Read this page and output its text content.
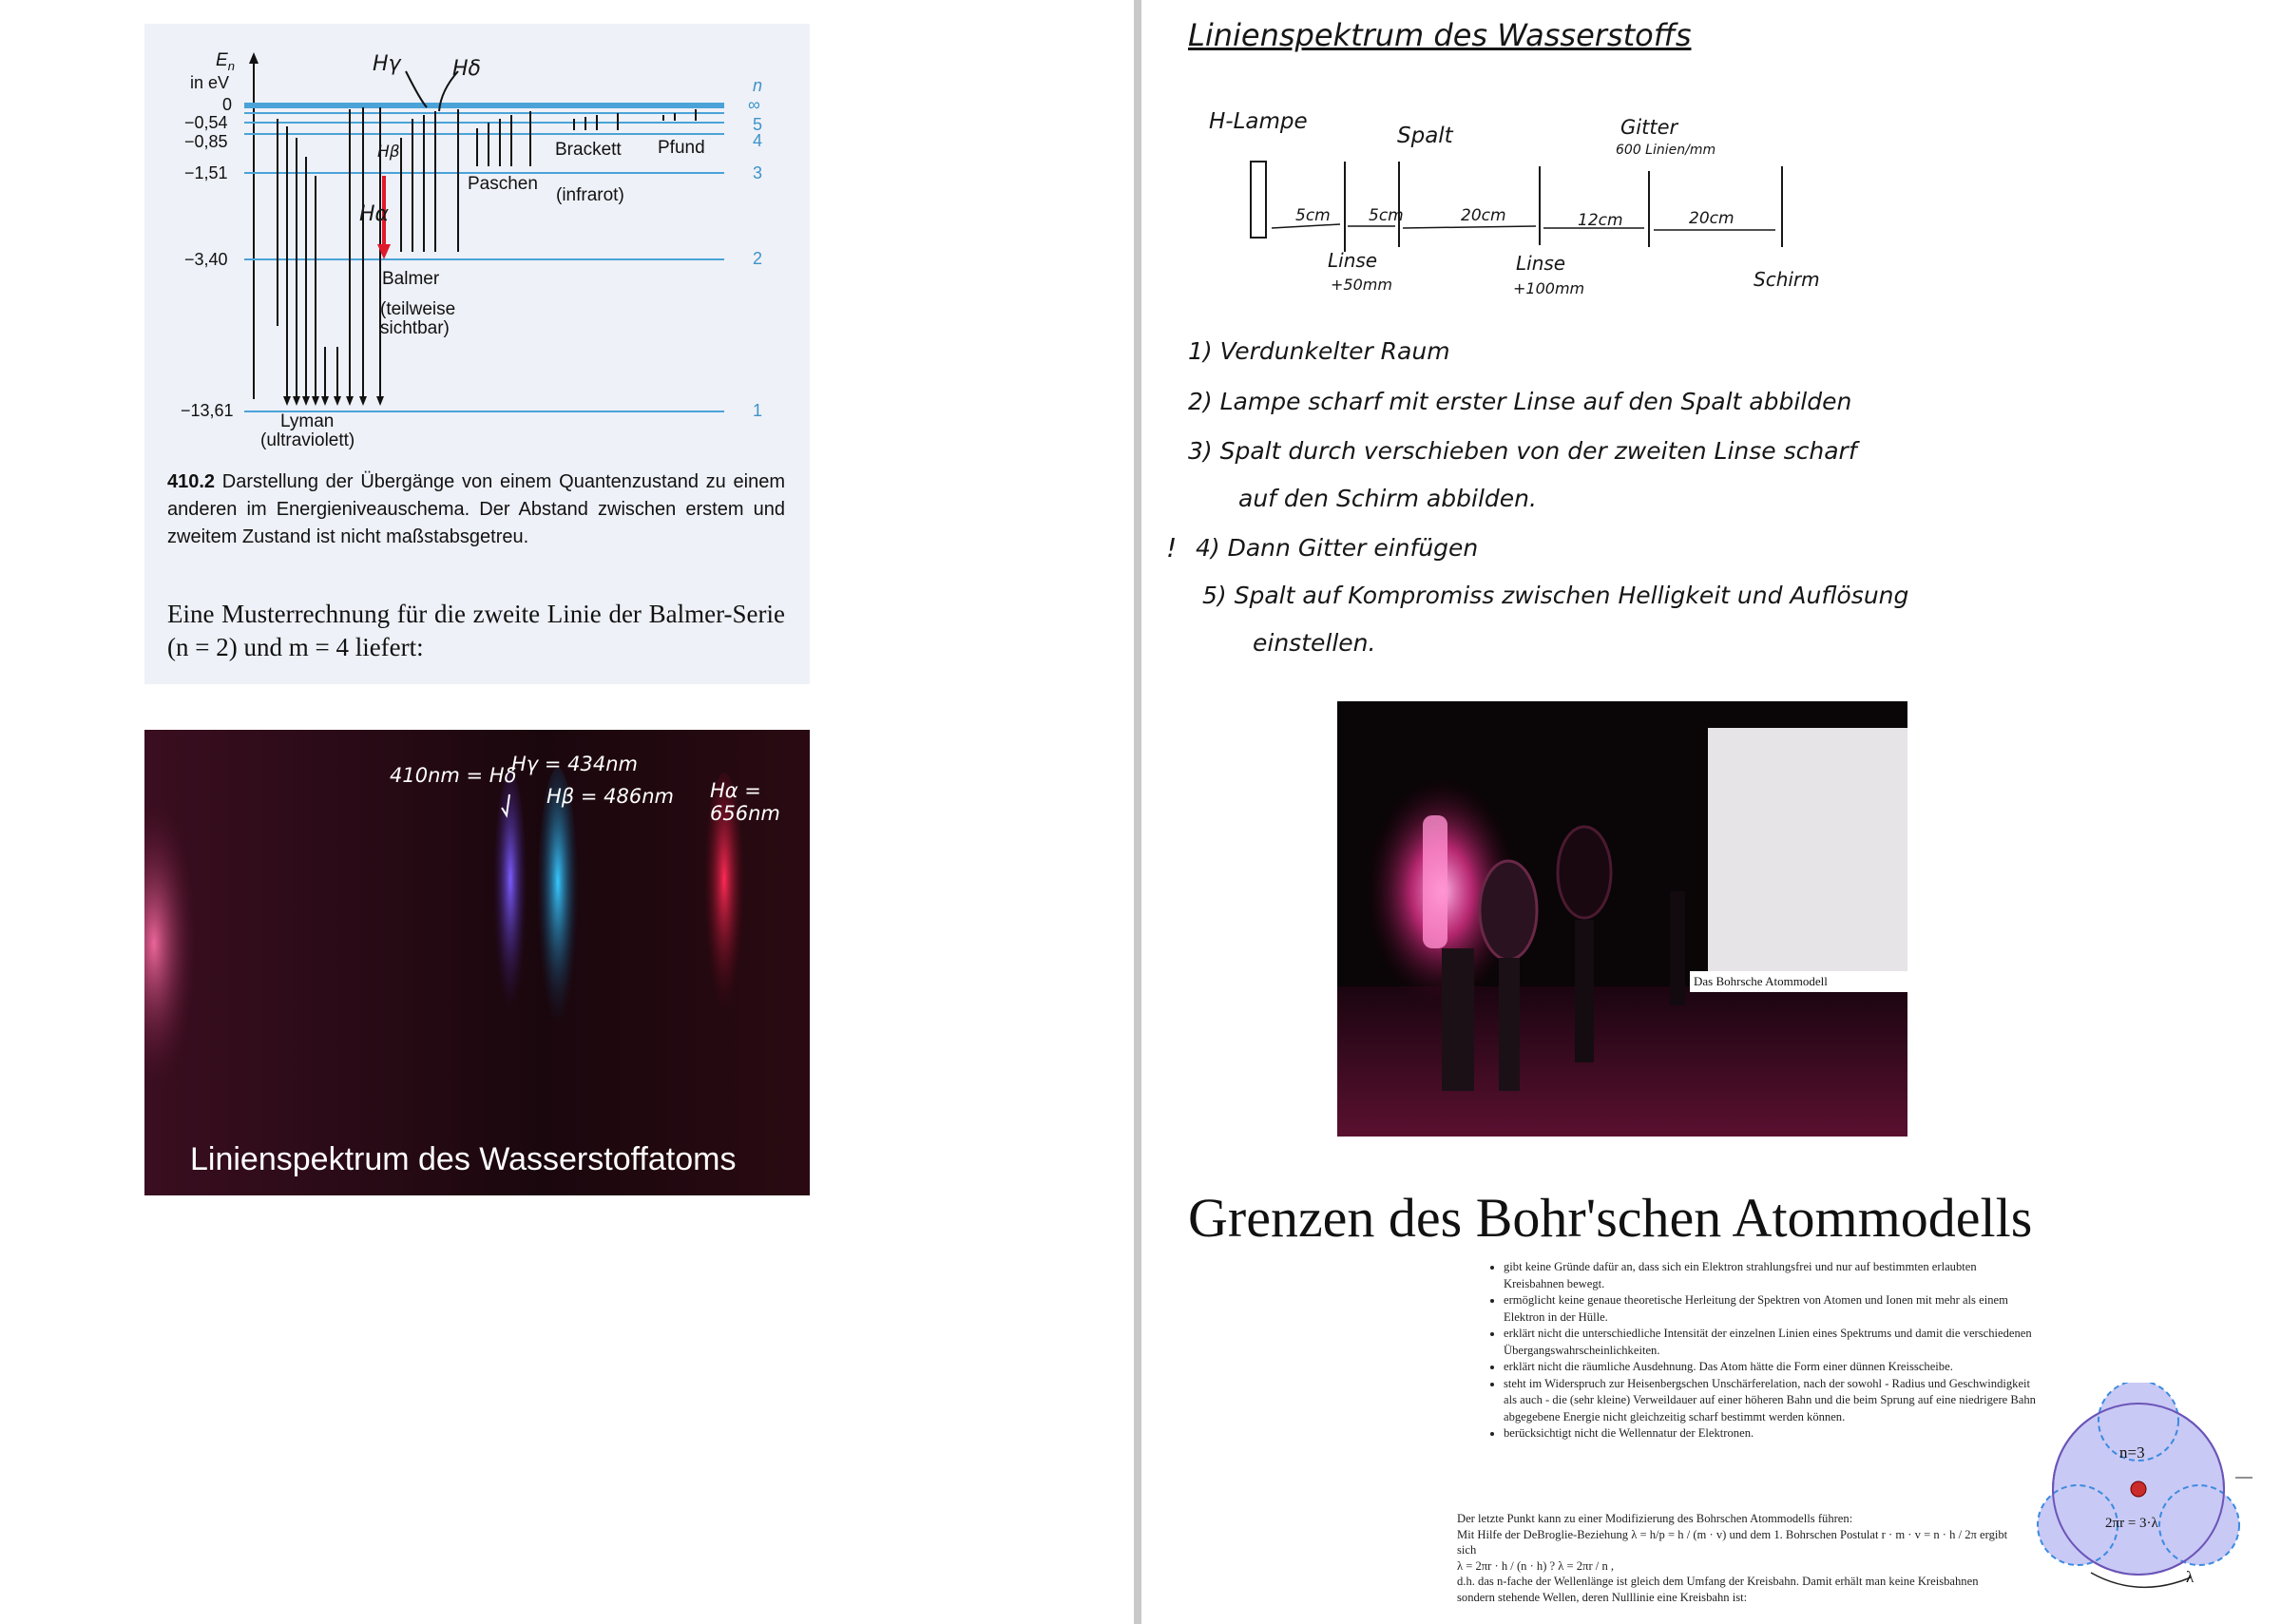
$E_n$
in eV
0
−0,54
−0,85
−1,51
−3,40
−13,61
n
∞
5
4
3
2
1
Lyman
(ultraviolett)
Balmer
(teilweise
sichtbar)
Paschen
Brackett
(infrarot)
Pfund
Hγ Hδ
Hβ
Hα
410.2 Darstellung der Übergänge von einem Quantenzustand zu einem anderen im Energieniveauschema. Der Abstand zwischen erstem und zweitem Zustand ist nicht maßstabsgetreu.
Eine Musterrechnung für die zweite Linie der Balmer-Serie (n = 2) und m = 4 liefert:
410nm = Hδ
Hγ = 434nm
Hβ = 486nm Hα = 656nm
Linienspektrum des Wasserstoffatoms
Linienspektrum des Wasserstoffs
H-Lampe
Spalt	Gitter
600 Linien/mm
5cm 5cm	20cm	12cm	20cm
Linse
+50mm
Linse
+100mm	Schirm
1) Verdunkelter Raum
2) Lampe scharf mit erster Linse auf den Spalt abbilden
3) Spalt durch verschieben von der zweiten Linse scharf
auf den Schirm abbilden.
! 4) Dann Gitter einfügen
5) Spalt auf Kompromiss zwischen Helligkeit und Auflösung
einstellen.
Das Bohrsche Atommodell
Grenzen des Bohr'schen Atommodells
• gibt keine Gründe dafür an, dass sich ein Elektron strahlungsfrei und nur auf bestimmten erlaubten Kreisbahnen bewegt.
• ermöglicht keine genaue theoretische Herleitung der Spektren von Atomen und Ionen mit mehr als einem Elektron in der Hülle.
• erklärt nicht die unterschiedliche Intensität der einzelnen Linien eines Spektrums und damit die verschiedenen Übergangswahrscheinlichkeiten.
• erklärt nicht die räumliche Ausdehnung. Das Atom hätte die Form einer dünnen Kreisscheibe.
• steht im Widerspruch zur Heisenbergschen Unschärferelation, nach der sowohl - Radius und Geschwindigkeit als auch - die (sehr kleine) Verweildauer auf einer höheren Bahn und die beim Sprung auf eine niedrigere Bahn abgegebene Energie nicht gleichzeitig scharf bestimmt werden können.
• berücksichtigt nicht die Wellennatur der Elektronen.

Der letzte Punkt kann zu einer Modifizierung des Bohrschen Atommodells führen:

Mit Hilfe der DeBroglie-Beziehung λ = h/p = h / (m · v) und dem 1. Bohrschen Postulat r · m · v = n · h / 2π ergibt sich

λ = 2πr · h / (n · h) ? λ = 2πr / n ,

d.h. das n-fache der Wellenlänge ist gleich dem Umfang der Kreisbahn. Damit erhält man keine Kreisbahnen sondern stehende Wellen, deren Nulllinie eine Kreisbahn ist:

n=3
2πr = 3·λ
λ
